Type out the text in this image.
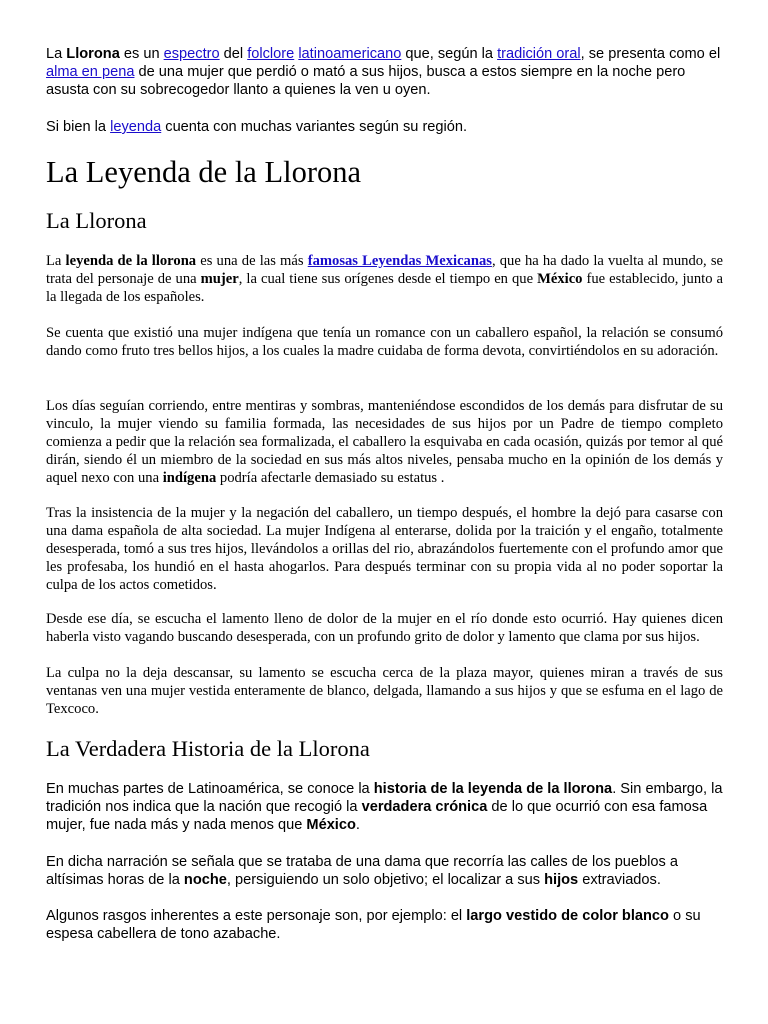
La Llorona es un espectro del folclore latinoamericano que, según la tradición oral, se presenta como el alma en pena de una mujer que perdió o mató a sus hijos, busca a estos siempre en la noche pero asusta con su sobrecogedor llanto a quienes la ven u oyen.

Si bien la leyenda cuenta con muchas variantes según su región.

La Leyenda de la Llorona
La Llorona

La leyenda de la llorona es una de las más famosas Leyendas Mexicanas, que ha ha dado la vuelta al mundo, se trata del personaje de una mujer, la cual tiene sus orígenes desde el tiempo en que México fue establecido, junto a la llegada de los españoles.

Se cuenta que existió una mujer indígena que tenía un romance con un caballero español, la relación se consumó dando como fruto tres bellos hijos, a los cuales la madre cuidaba de forma devota, convirtiéndolos en su adoración.

Los días seguían corriendo, entre mentiras y sombras, manteniéndose escondidos de los demás para disfrutar de su vinculo, la mujer viendo su familia formada, las necesidades de sus hijos por un Padre de tiempo completo comienza a pedir que la relación sea formalizada, el caballero la esquivaba en cada ocasión, quizás por temor al qué dirán, siendo él un miembro de la sociedad en sus más altos niveles, pensaba mucho en la opinión de los demás y aquel nexo con una indígena podría afectarle demasiado su estatus .

Tras la insistencia de la mujer y la negación del caballero, un tiempo después, el hombre la dejó para casarse con una dama española de alta sociedad. La mujer Indígena al enterarse, dolida por la traición y el engaño, totalmente desesperada, tomó a sus tres hijos, llevándolos a orillas del rio, abrazándolos fuertemente con el profundo amor que les profesaba, los hundió en el hasta ahogarlos. Para después terminar con su propia vida al no poder soportar la culpa de los actos cometidos.

Desde ese día, se escucha el lamento lleno de dolor de la mujer en el río donde esto ocurrió. Hay quienes dicen haberla visto vagando buscando desesperada, con un profundo grito de dolor y lamento que clama por sus hijos.

La culpa no la deja descansar, su lamento se escucha cerca de la plaza mayor, quienes miran a través de sus ventanas ven una mujer vestida enteramente de blanco, delgada, llamando a sus hijos y que se esfuma en el lago de Texcoco.

La Verdadera Historia de la Llorona

En muchas partes de Latinoamérica, se conoce la historia de la leyenda de la llorona. Sin embargo, la tradición nos indica que la nación que recogió la verdadera crónica de lo que ocurrió con esa famosa mujer, fue nada más y nada menos que México.

En dicha narración se señala que se trataba de una dama que recorría las calles de los pueblos a altísimas horas de la noche, persiguiendo un solo objetivo; el localizar a sus hijos extraviados.

Algunos rasgos inherentes a este personaje son, por ejemplo: el largo vestido de color blanco o su espesa cabellera de tono azabache.
